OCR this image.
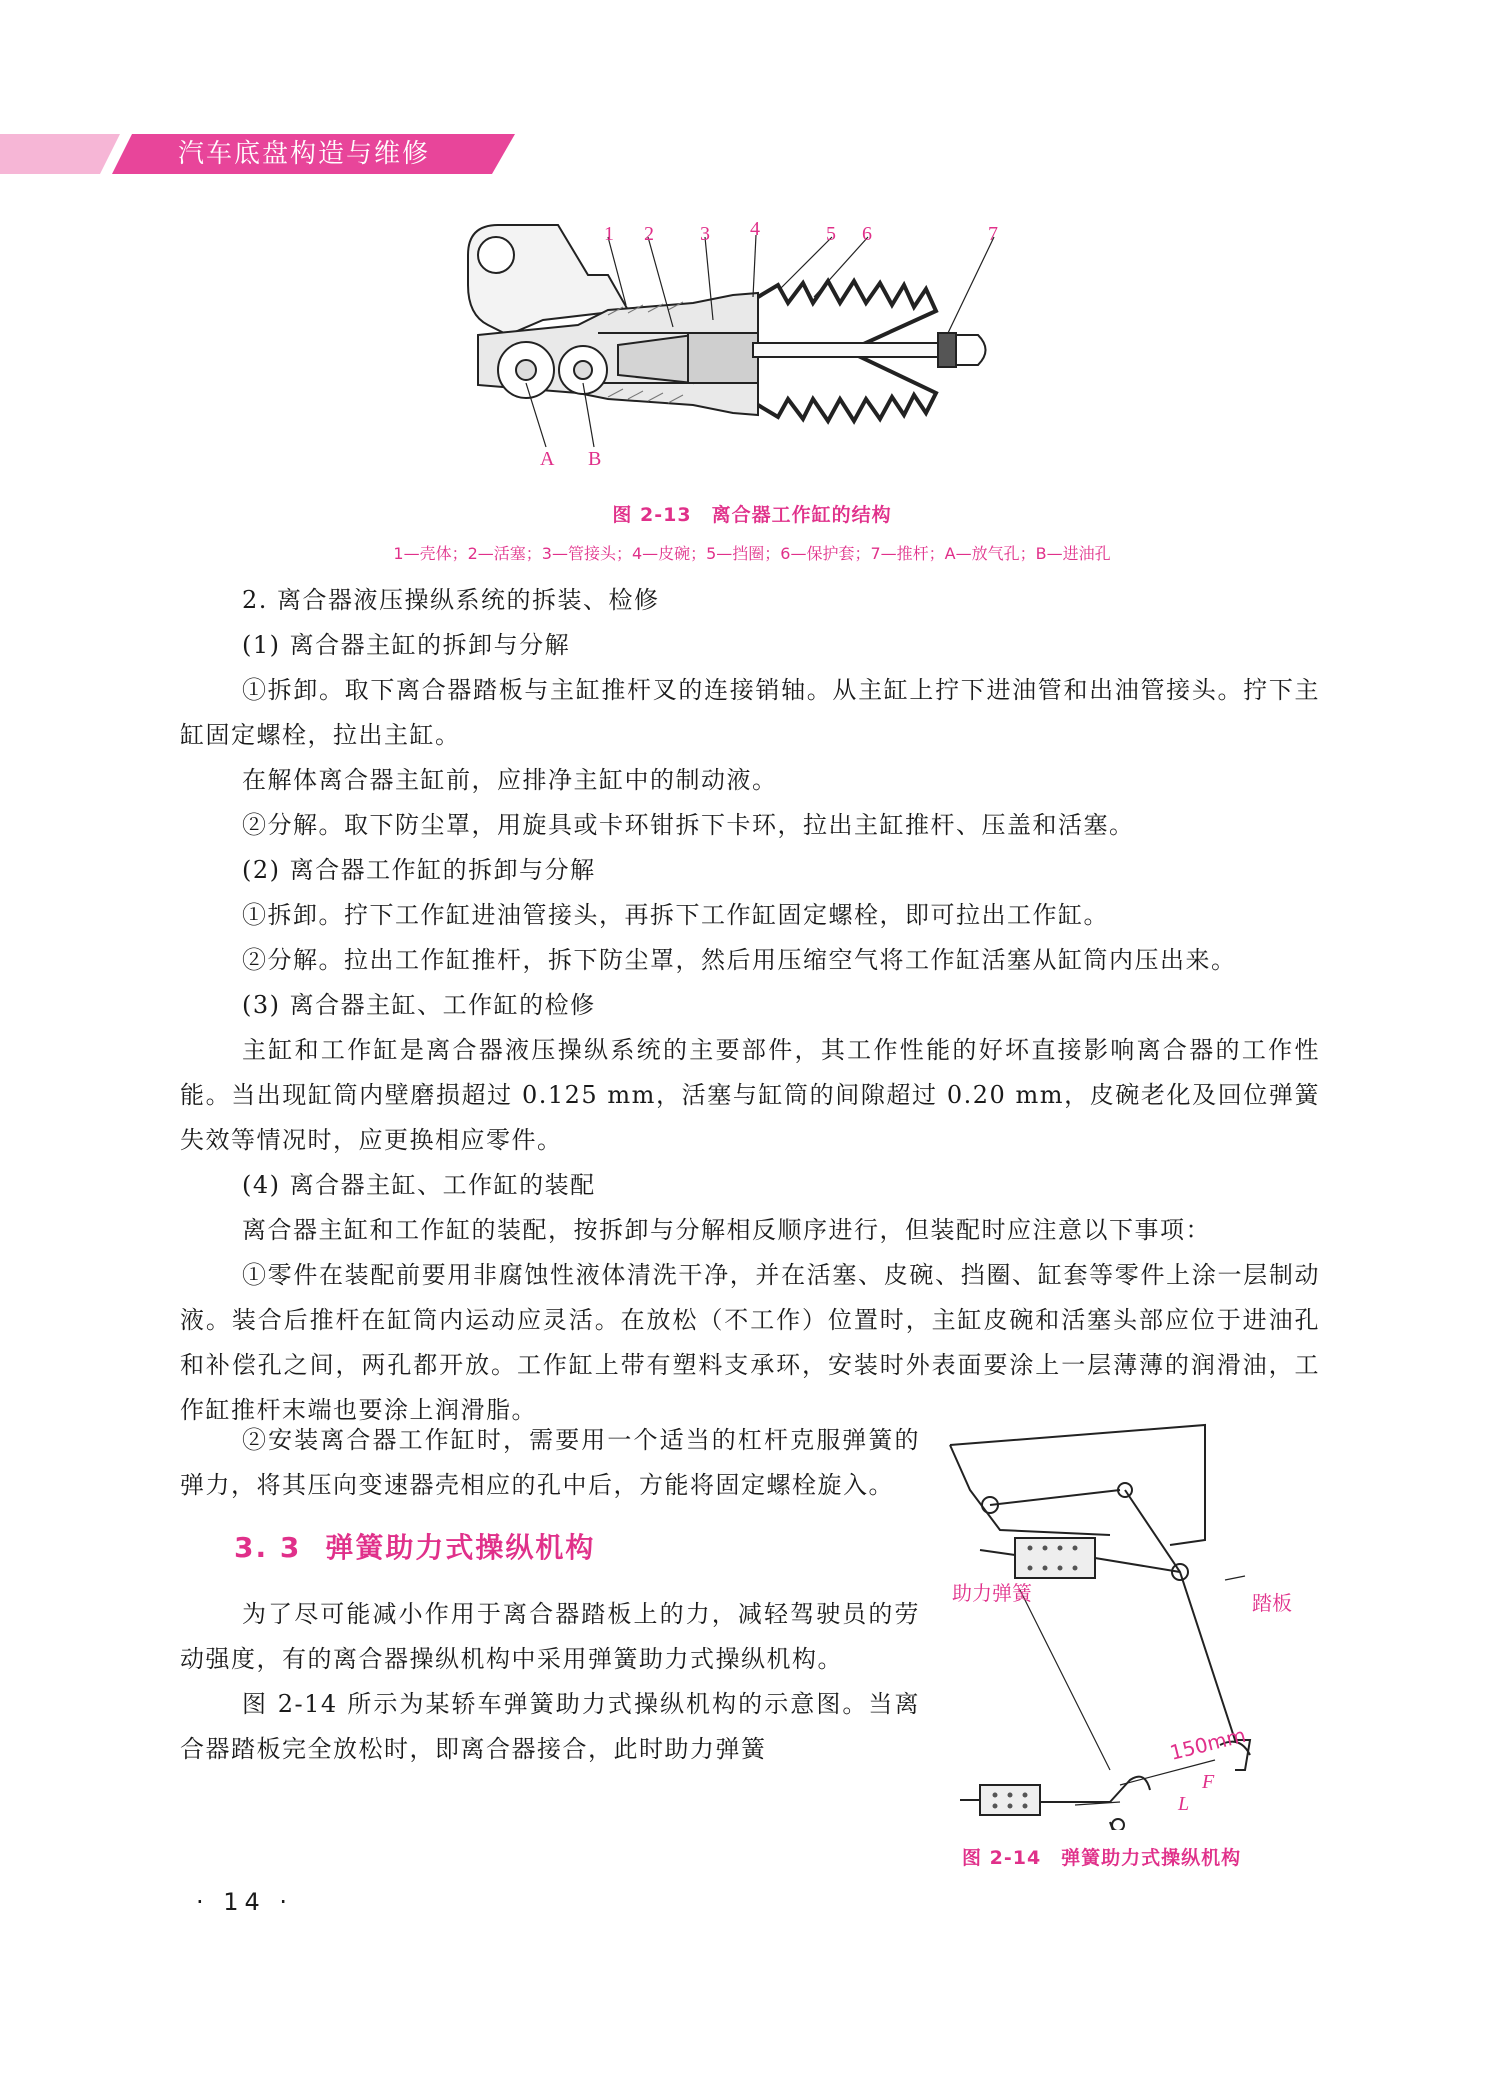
汽车底盘构造与维修
1 2 3 4	5 6	7
A B
图 2-13　离合器工作缸的结构
1—壳体；2—活塞；3—管接头；4—皮碗；5—挡圈；6—保护套；7—推杆；A—放气孔；B—进油孔

2. 离合器液压操纵系统的拆装、检修

(1) 离合器主缸的拆卸与分解

①拆卸。取下离合器踏板与主缸推杆叉的连接销轴。从主缸上拧下进油管和出油管接头。拧下主缸固定螺栓，拉出主缸。

在解体离合器主缸前，应排净主缸中的制动液。

②分解。取下防尘罩，用旋具或卡环钳拆下卡环，拉出主缸推杆、压盖和活塞。

(2) 离合器工作缸的拆卸与分解

①拆卸。拧下工作缸进油管接头，再拆下工作缸固定螺栓，即可拉出工作缸。

②分解。拉出工作缸推杆，拆下防尘罩，然后用压缩空气将工作缸活塞从缸筒内压出来。

(3) 离合器主缸、工作缸的检修

主缸和工作缸是离合器液压操纵系统的主要部件，其工作性能的好坏直接影响离合器的工作性能。当出现缸筒内壁磨损超过 0.125 mm，活塞与缸筒的间隙超过 0.20 mm，皮碗老化及回位弹簧失效等情况时，应更换相应零件。

(4) 离合器主缸、工作缸的装配

离合器主缸和工作缸的装配，按拆卸与分解相反顺序进行，但装配时应注意以下事项：

①零件在装配前要用非腐蚀性液体清洗干净，并在活塞、皮碗、挡圈、缸套等零件上涂一层制动液。装合后推杆在缸筒内运动应灵活。在放松（不工作）位置时，主缸皮碗和活塞头部应位于进油孔和补偿孔之间，两孔都开放。工作缸上带有塑料支承环，安装时外表面要涂上一层薄薄的润滑油，工作缸推杆末端也要涂上润滑脂。

②安装离合器工作缸时，需要用一个适当的杠杆克服弹簧的弹力，将其压向变速器壳相应的孔中后，方能将固定螺栓旋入。

3. 3 弹簧助力式操纵机构

为了尽可能减小作用于离合器踏板上的力，减轻驾驶员的劳动强度，有的离合器操纵机构中采用弹簧助力式操纵机构。

图 2-14 所示为某轿车弹簧助力式操纵机构的示意图。当离合器踏板完全放松时，即离合器接合，此时助力弹簧

助力弹簧	踏板
150mm
F
L
图 2-14　弹簧助力式操纵机构
· 14 ·
